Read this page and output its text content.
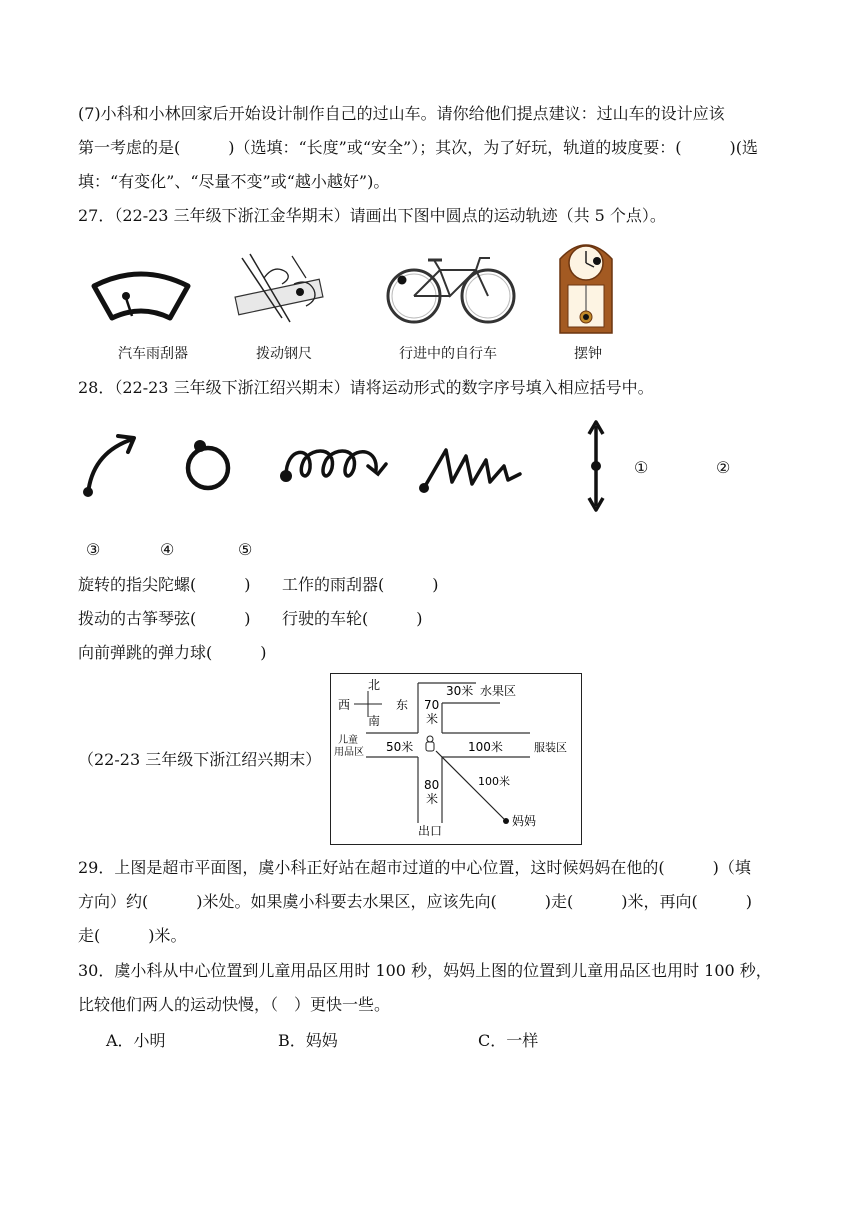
(7)小科和小林回家后开始设计制作自己的过山车。请你给他们提点建议：过山车的设计应该
第一考虑的是(　　　)（选填：“长度”或“安全”）；其次，为了好玩，轨道的坡度要：(　　　)(选
填：“有变化”、“尽量不变”或“越小越好”)。
27．（22-23 三年级下浙江金华期末）请画出下图中圆点的运动轨迹（共 5 个点）。
汽车雨刮器	拨动钢尺	行进中的自行车	摆钟
28．（22-23 三年级下浙江绍兴期末）请将运动形式的数字序号填入相应括号中。
①	②
③	④	⑤
旋转的指尖陀螺(　　　) 工作的雨刮器(　　　)
拨动的古筝琴弦(　　　) 行驶的车轮(　　　)
向前弹跳的弹力球(　　　)
（22-23 三年级下浙江绍兴期末）
北
南
西	东
30米 水果区
70
米
儿童
用品区 50米	100米	服装区
80
米
100米
出口
妈妈
29．上图是超市平面图，虞小科正好站在超市过道的中心位置，这时候妈妈在他的(　　　)（填
方向）约(　　　)米处。如果虞小科要去水果区，应该先向(　　　)走(　　　)米，再向(　　　)
走(　　　)米。
30．虞小科从中心位置到儿童用品区用时 100 秒，妈妈上图的位置到儿童用品区也用时 100 秒，
比较他们两人的运动快慢，（　）更快一些。
A．小明	B．妈妈	C．一样
